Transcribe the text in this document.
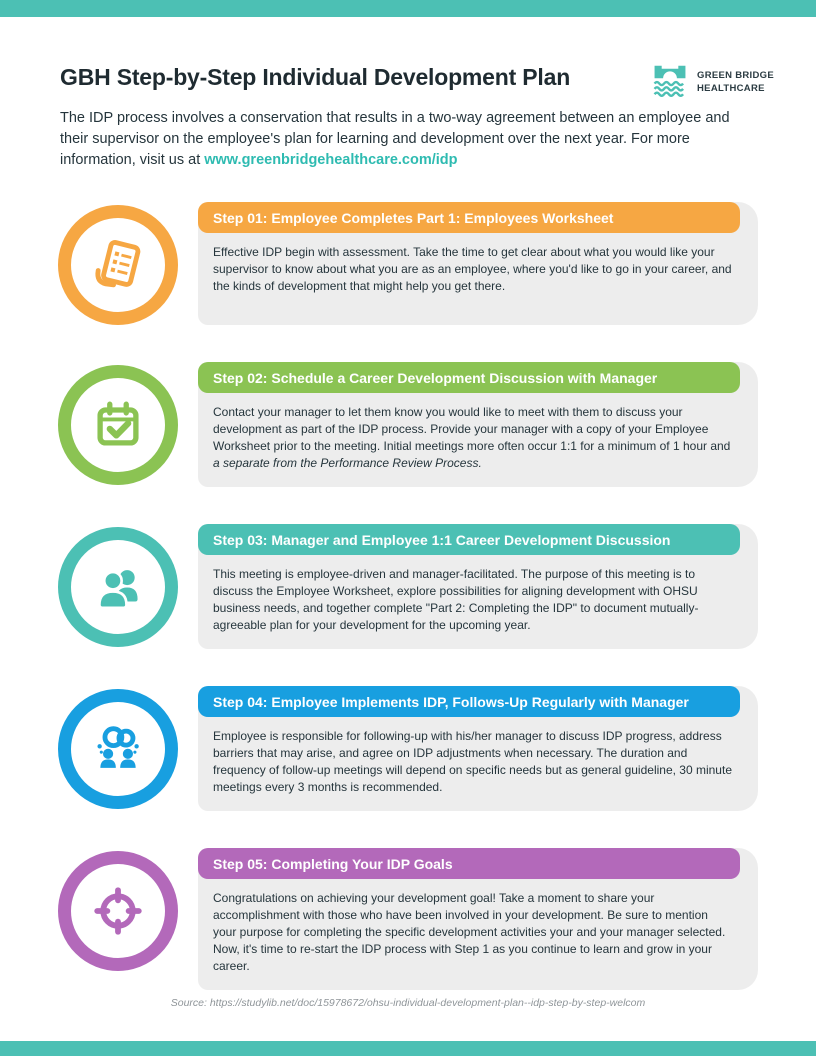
GREEN BRIDGE
HEALTHCARE
GBH Step-by-Step Individual Development Plan

The IDP process involves a conservation that results in a two-way agreement between an employee and their supervisor on the employee's plan for learning and development over the next year. For more information, visit us at www.greenbridgehealthcare.com/idp

Step 01: Employee Completes Part 1: Employees Worksheet
Effective IDP begin with assessment. Take the time to get clear about what you would like your supervisor to know about what you are as an employee, where you'd like to go in your career, and the kinds of development that might help you get there.
Step 02: Schedule a Career Development Discussion with Manager
Contact your manager to let them know you would like to meet with them to discuss your development as part of the IDP process. Provide your manager with a copy of your Employee Worksheet prior to the meeting. Initial meetings more often occur 1:1 for a minimum of 1 hour and a separate from the Performance Review Process.
Step 03: Manager and Employee 1:1 Career Development Discussion
This meeting is employee-driven and manager-facilitated. The purpose of this meeting is to discuss the Employee Worksheet, explore possibilities for aligning development with OHSU business needs, and together complete "Part 2: Completing the IDP" to document mutually-agreeable plan for your development for the upcoming year.
Step 04: Employee Implements IDP, Follows-Up Regularly with Manager
Employee is responsible for following-up with his/her manager to discuss IDP progress, address barriers that may arise, and agree on IDP adjustments when necessary. The duration and frequency of follow-up meetings will depend on specific needs but as general guideline, 30 minute meetings every 3 months is recommended.
Step 05: Completing Your IDP Goals
Congratulations on achieving your development goal! Take a moment to share your accomplishment with those who have been involved in your development. Be sure to mention your purpose for completing the specific development activities your and your manager selected. Now, it's time to re-start the IDP process with Step 1 as you continue to learn and grow in your career.
Source: https://studylib.net/doc/15978672/ohsu-individual-development-plan--idp-step-by-step-welcom
